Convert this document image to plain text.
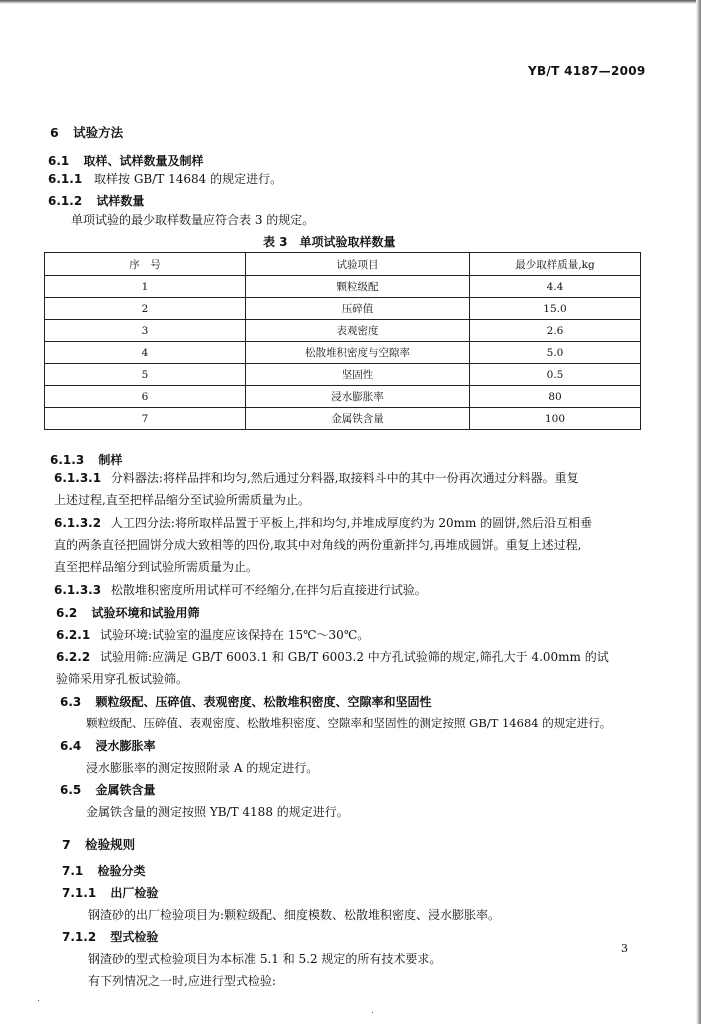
YB/T 4187—2009
6 试验方法
6.1 取样、试样数量及制样
6.1.1 取样按 GB/T 14684 的规定进行。
6.1.2 试样数量
单项试验的最少取样数量应符合表 3 的规定。
表 3　单项试验取样数量
序　号	试验项目	最少取样质量,kg
1	颗粒级配	4.4
2	压碎值	15.0
3	表观密度	2.6
4	松散堆积密度与空隙率	5.0
5	坚固性	0.5
6	浸水膨胀率	80
7	金属铁含量	100
6.1.3 制样
6.1.3.1 分料器法:将样品拌和均匀,然后通过分料器,取接料斗中的其中一份再次通过分料器。重复
上述过程,直至把样品缩分至试验所需质量为止。
6.1.3.2 人工四分法:将所取样品置于平板上,拌和均匀,并堆成厚度约为 20mm 的圆饼,然后沿互相垂
直的两条直径把圆饼分成大致相等的四份,取其中对角线的两份重新拌匀,再堆成圆饼。重复上述过程,
直至把样品缩分到试验所需质量为止。
6.1.3.3 松散堆积密度所用试样可不经缩分,在拌匀后直接进行试验。
6.2 试验环境和试验用筛
6.2.1 试验环境:试验室的温度应该保持在 15℃～30℃。
6.2.2 试验用筛:应满足 GB/T 6003.1 和 GB/T 6003.2 中方孔试验筛的规定,筛孔大于 4.00mm 的试
验筛采用穿孔板试验筛。
6.3 颗粒级配、压碎值、表观密度、松散堆积密度、空隙率和坚固性
颗粒级配、压碎值、表观密度、松散堆积密度、空隙率和坚固性的测定按照 GB/T 14684 的规定进行。
6.4 浸水膨胀率
浸水膨胀率的测定按照附录 A 的规定进行。
6.5 金属铁含量
金属铁含量的测定按照 YB/T 4188 的规定进行。
7 检验规则
7.1 检验分类
7.1.1 出厂检验
钢渣砂的出厂检验项目为:颗粒级配、细度模数、松散堆积密度、浸水膨胀率。
7.1.2 型式检验
钢渣砂的型式检验项目为本标准 5.1 和 5.2 规定的所有技术要求。
有下列情况之一时,应进行型式检验:
3
